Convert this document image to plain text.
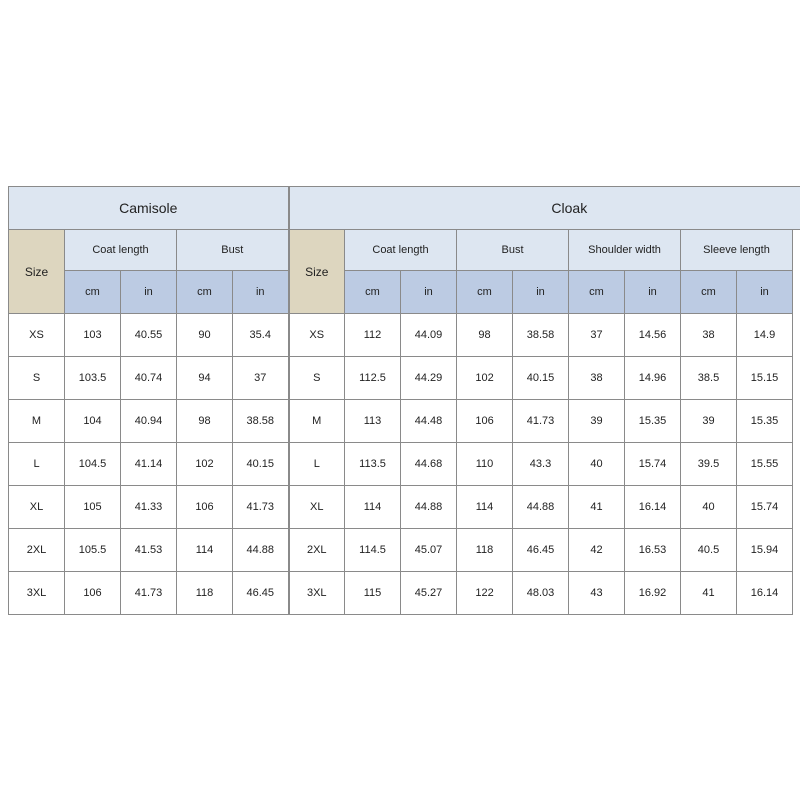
Camisole					Cloak								
Size	Coat length		Bust		Size	Coat length		Bust		Shoulder width		Sleeve length	
	cm	in	cm	in		cm	in	cm	in	cm	in	cm	in
XS	103	40.55	90	35.4	XS	112	44.09	98	38.58	37	14.56	38	14.9
S	103.5	40.74	94	37	S	112.5	44.29	102	40.15	38	14.96	38.5	15.15
M	104	40.94	98	38.58	M	113	44.48	106	41.73	39	15.35	39	15.35
L	104.5	41.14	102	40.15	L	113.5	44.68	110	43.3	40	15.74	39.5	15.55
XL	105	41.33	106	41.73	XL	114	44.88	114	44.88	41	16.14	40	15.74
2XL	105.5	41.53	114	44.88	2XL	114.5	45.07	118	46.45	42	16.53	40.5	15.94
3XL	106	41.73	118	46.45	3XL	115	45.27	122	48.03	43	16.92	41	16.14
